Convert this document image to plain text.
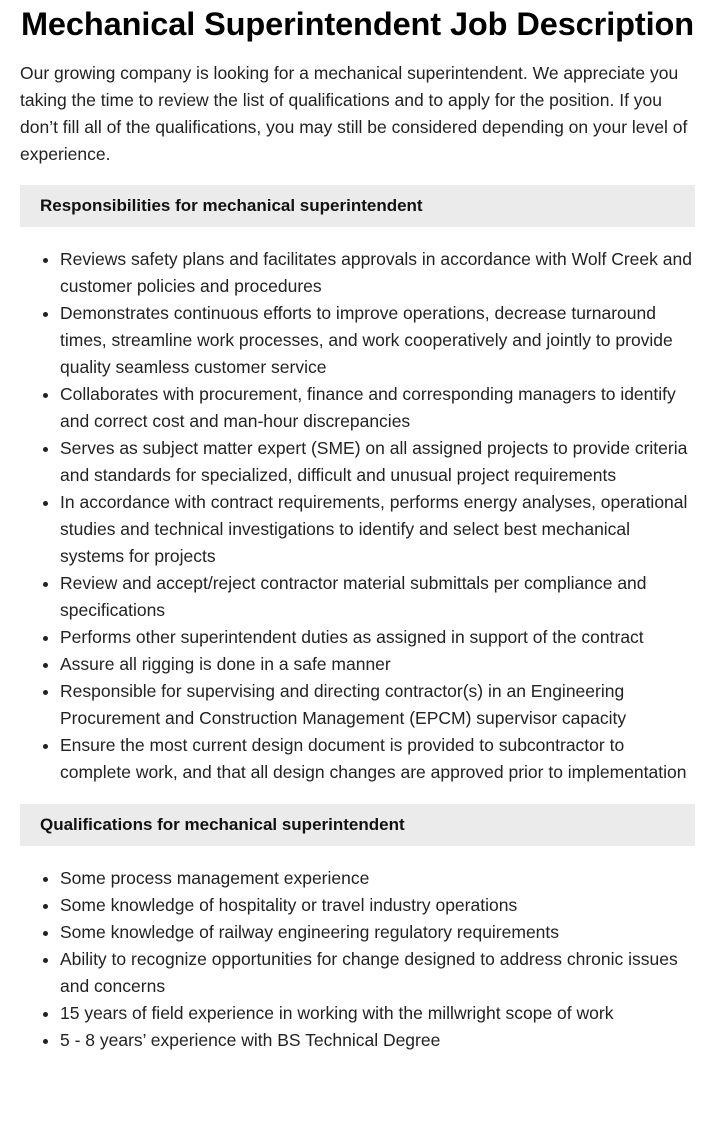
Mechanical Superintendent Job Description

Our growing company is looking for a mechanical superintendent. We appreciate you taking the time to review the list of qualifications and to apply for the position. If you don’t fill all of the qualifications, you may still be considered depending on your level of experience.

Responsibilities for mechanical superintendent
• Reviews safety plans and facilitates approvals in accordance with Wolf Creek and customer policies and procedures
• Demonstrates continuous efforts to improve operations, decrease turnaround times, streamline work processes, and work cooperatively and jointly to provide quality seamless customer service
• Collaborates with procurement, finance and corresponding managers to identify and correct cost and man-hour discrepancies
• Serves as subject matter expert (SME) on all assigned projects to provide criteria and standards for specialized, difficult and unusual project requirements
• In accordance with contract requirements, performs energy analyses, operational studies and technical investigations to identify and select best mechanical systems for projects
• Review and accept/reject contractor material submittals per compliance and specifications
• Performs other superintendent duties as assigned in support of the contract
• Assure all rigging is done in a safe manner
• Responsible for supervising and directing contractor(s) in an Engineering Procurement and Construction Management (EPCM) supervisor capacity
• Ensure the most current design document is provided to subcontractor to complete work, and that all design changes are approved prior to implementation
Qualifications for mechanical superintendent
• Some process management experience
• Some knowledge of hospitality or travel industry operations
• Some knowledge of railway engineering regulatory requirements
• Ability to recognize opportunities for change designed to address chronic issues and concerns
• 15 years of field experience in working with the millwright scope of work
• 5 - 8 years’ experience with BS Technical Degree
